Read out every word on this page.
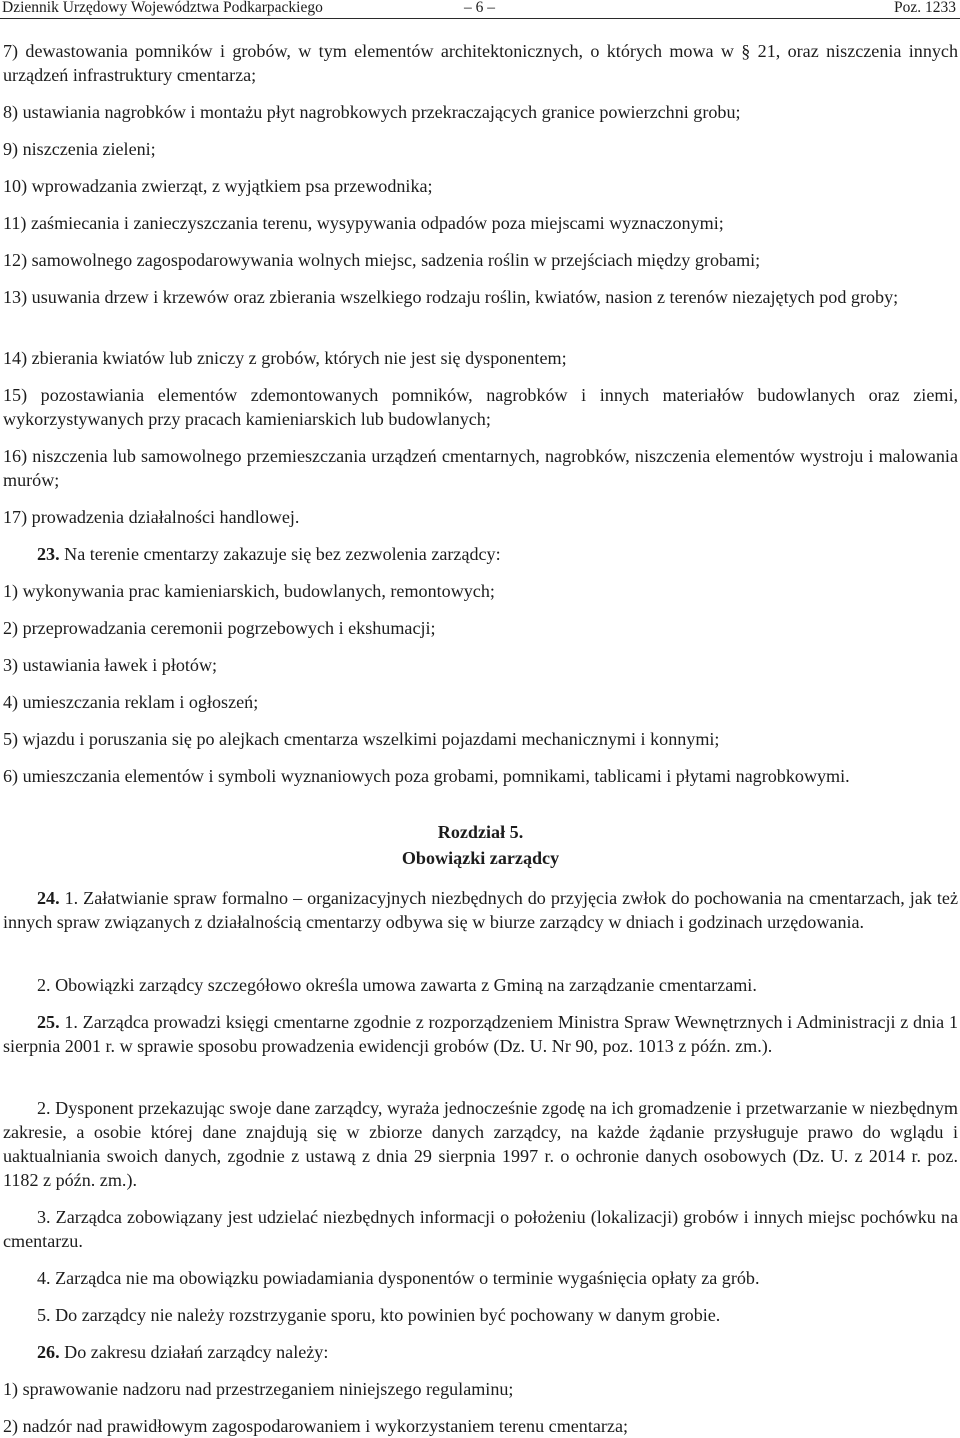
Dziennik Urzędowy Województwa Podkarpackiego	– 6 –	Poz. 1233

7) dewastowania pomników i grobów, w tym elementów architektonicznych, o których mowa w § 21, oraz niszczenia innych urządzeń infrastruktury cmentarza;

8) ustawiania nagrobków i montażu płyt nagrobkowych przekraczających granice powierzchni grobu;

9) niszczenia zieleni;

10) wprowadzania zwierząt, z wyjątkiem psa przewodnika;

11) zaśmiecania i zanieczyszczania terenu, wysypywania odpadów poza miejscami wyznaczonymi;

12) samowolnego zagospodarowywania wolnych miejsc, sadzenia roślin w przejściach między grobami;

13) usuwania drzew i krzewów oraz zbierania wszelkiego rodzaju roślin, kwiatów, nasion z terenów niezajętych pod groby;

14) zbierania kwiatów lub zniczy z grobów, których nie jest się dysponentem;

15) pozostawiania elementów zdemontowanych pomników, nagrobków i innych materiałów budowlanych oraz ziemi, wykorzystywanych przy pracach kamieniarskich lub budowlanych;

16) niszczenia lub samowolnego przemieszczania urządzeń cmentarnych, nagrobków, niszczenia elementów wystroju i malowania murów;

17) prowadzenia działalności handlowej.

23. Na terenie cmentarzy zakazuje się bez zezwolenia zarządcy:

1) wykonywania prac kamieniarskich, budowlanych, remontowych;

2) przeprowadzania ceremonii pogrzebowych i ekshumacji;

3) ustawiania ławek i płotów;

4) umieszczania reklam i ogłoszeń;

5) wjazdu i poruszania się po alejkach cmentarza wszelkimi pojazdami mechanicznymi i konnymi;

6) umieszczania elementów i symboli wyznaniowych poza grobami, pomnikami, tablicami i płytami nagrobkowymi.

Rozdział 5.

Obowiązki zarządcy

24. 1. Załatwianie spraw formalno – organizacyjnych niezbędnych do przyjęcia zwłok do pochowania na cmentarzach, jak też innych spraw związanych z działalnością cmentarzy odbywa się w biurze zarządcy w dniach i godzinach urzędowania.

2. Obowiązki zarządcy szczegółowo określa umowa zawarta z Gminą na zarządzanie cmentarzami.

25. 1. Zarządca prowadzi księgi cmentarne zgodnie z rozporządzeniem Ministra Spraw Wewnętrznych i Administracji z dnia 1 sierpnia 2001 r. w sprawie sposobu prowadzenia ewidencji grobów (Dz. U. Nr 90, poz. 1013 z późn. zm.).

2. Dysponent przekazując swoje dane zarządcy, wyraża jednocześnie zgodę na ich gromadzenie i przetwarzanie w niezbędnym zakresie, a osobie której dane znajdują się w zbiorze danych zarządcy, na każde żądanie przysługuje prawo do wglądu i uaktualniania swoich danych, zgodnie z ustawą z dnia 29 sierpnia 1997 r. o ochronie danych osobowych (Dz. U. z 2014 r. poz. 1182 z późn. zm.).

3. Zarządca zobowiązany jest udzielać niezbędnych informacji o położeniu (lokalizacji) grobów i innych miejsc pochówku na cmentarzu.

4. Zarządca nie ma obowiązku powiadamiania dysponentów o terminie wygaśnięcia opłaty za grób.

5. Do zarządcy nie należy rozstrzyganie sporu, kto powinien być pochowany w danym grobie.

26. Do zakresu działań zarządcy należy:

1) sprawowanie nadzoru nad przestrzeganiem niniejszego regulaminu;

2) nadzór nad prawidłowym zagospodarowaniem i wykorzystaniem terenu cmentarza;
